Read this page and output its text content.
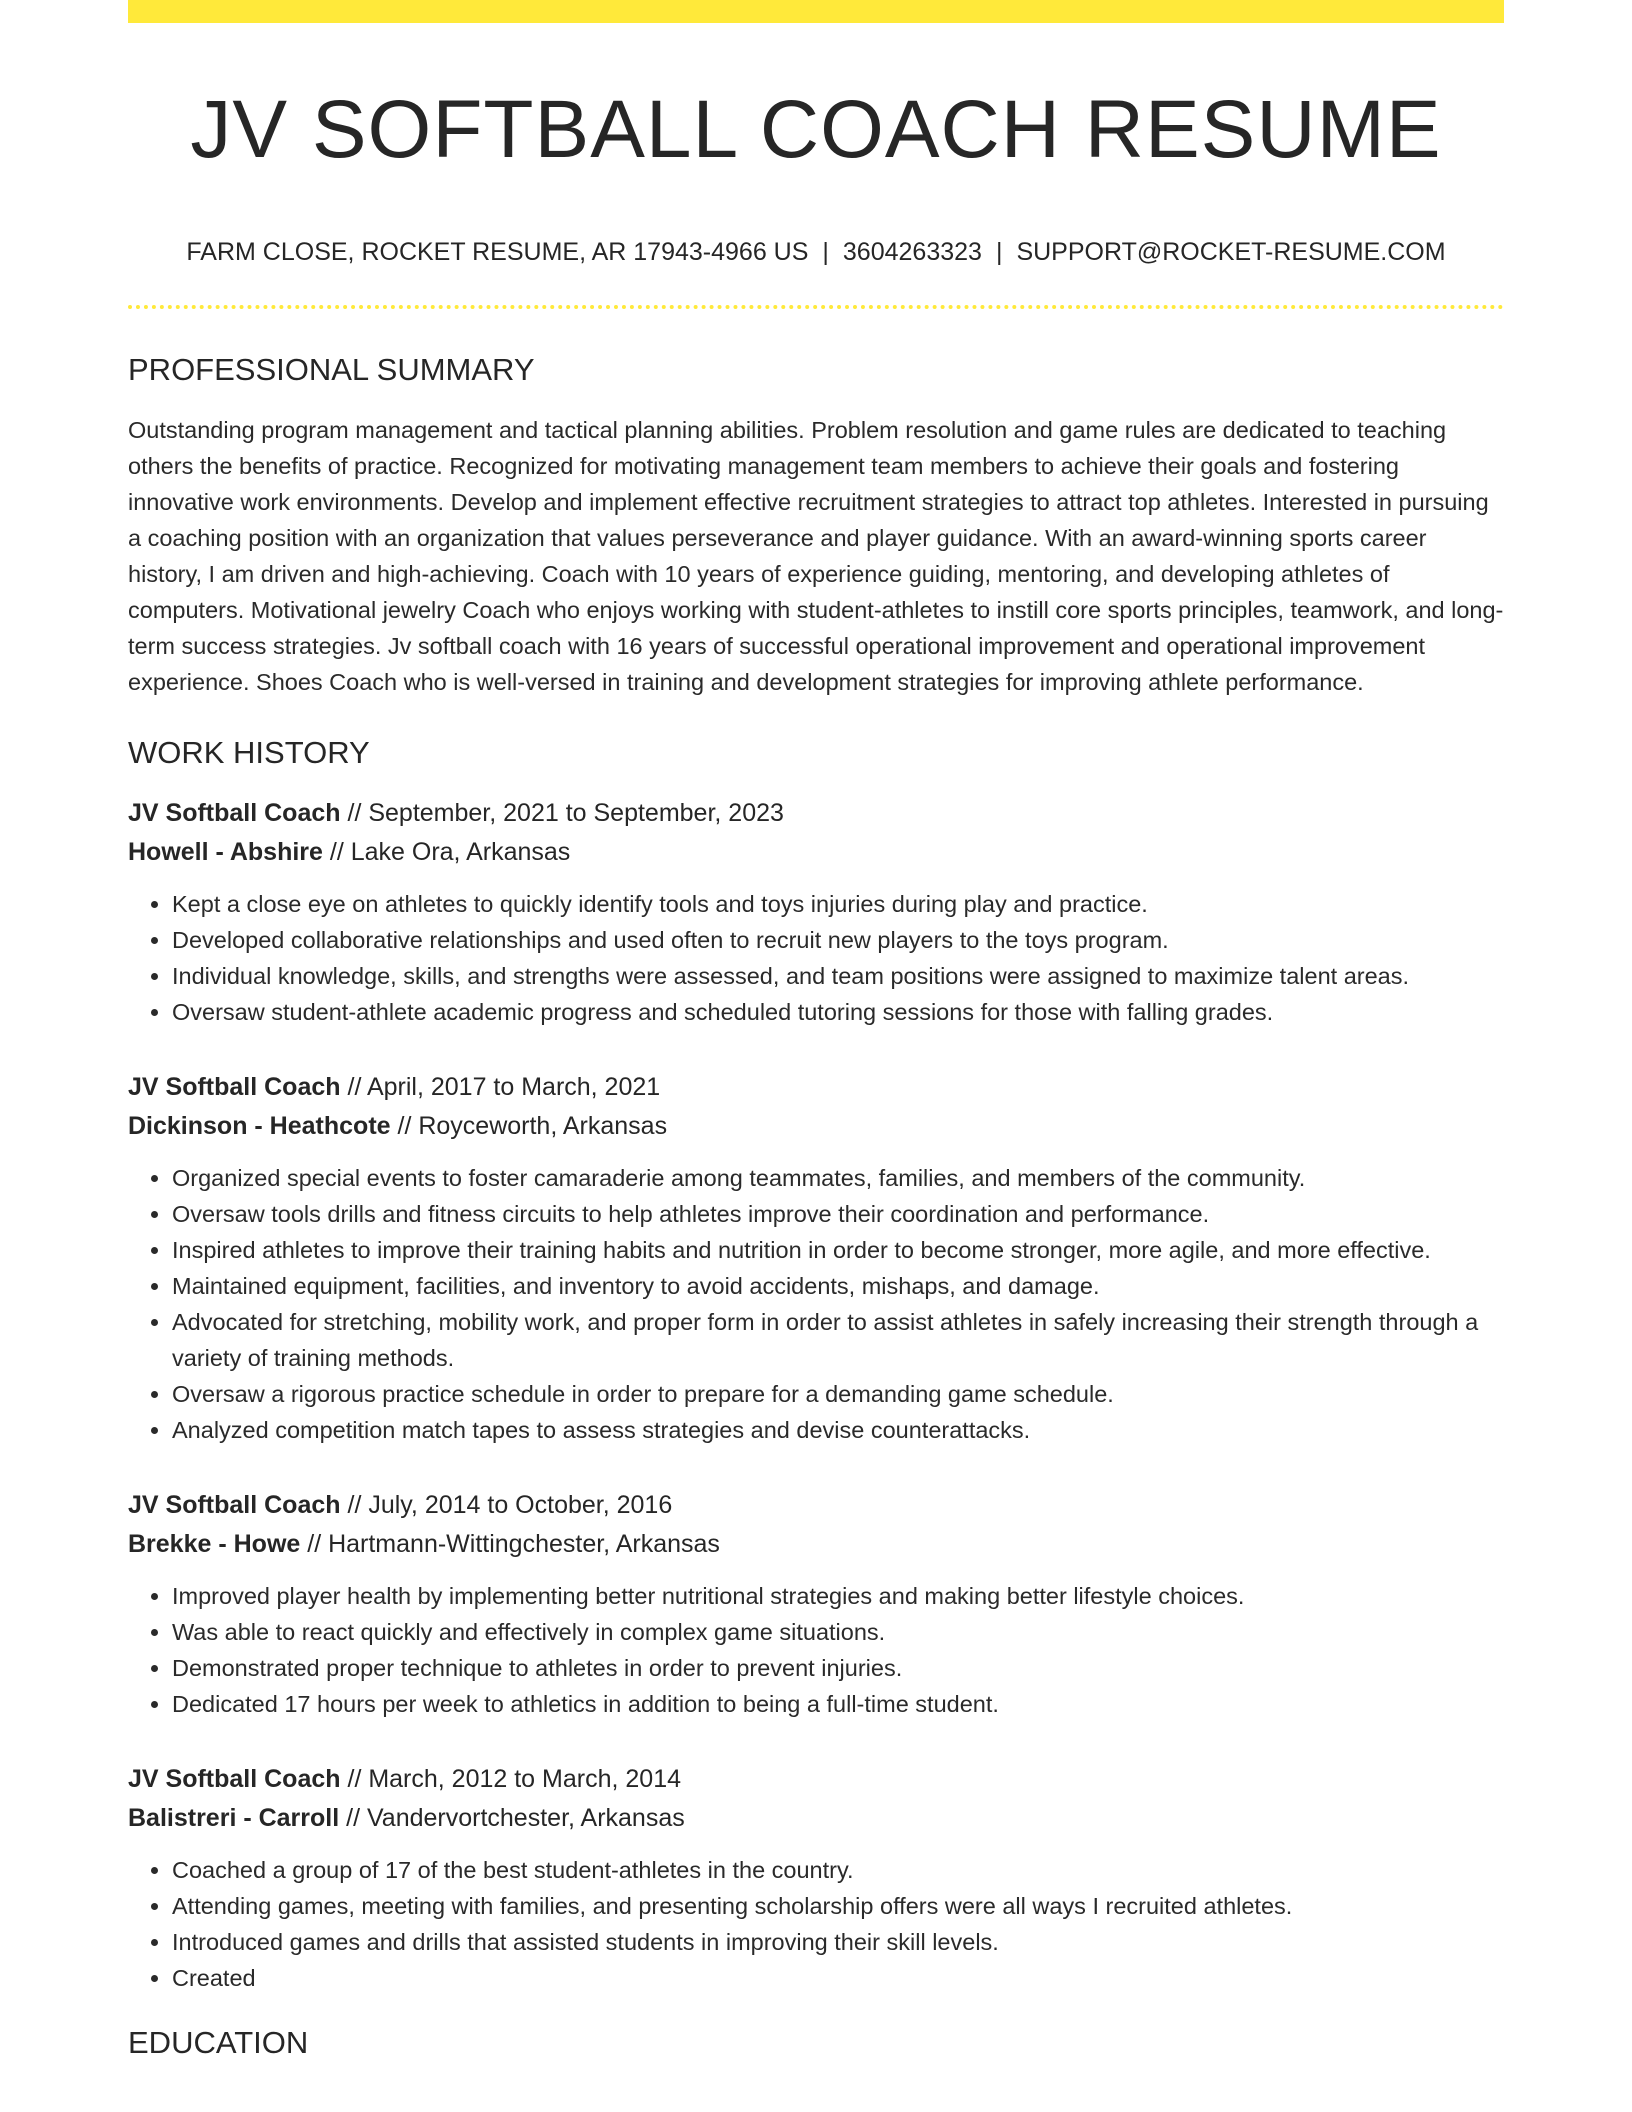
JV SOFTBALL COACH RESUME
FARM CLOSE, ROCKET RESUME, AR 17943-4966 US | 3604263323 | SUPPORT@ROCKET-RESUME.COM
PROFESSIONAL SUMMARY

Outstanding program management and tactical planning abilities. Problem resolution and game rules are dedicated to teaching others the benefits of practice. Recognized for motivating management team members to achieve their goals and fostering innovative work environments. Develop and implement effective recruitment strategies to attract top athletes. Interested in pursuing a coaching position with an organization that values perseverance and player guidance. With an award-winning sports career history, I am driven and high-achieving. Coach with 10 years of experience guiding, mentoring, and developing athletes of computers. Motivational jewelry Coach who enjoys working with student-athletes to instill core sports principles, teamwork, and long-term success strategies. Jv softball coach with 16 years of successful operational improvement and operational improvement experience. Shoes Coach who is well-versed in training and development strategies for improving athlete performance.

WORK HISTORY
JV Softball Coach // September, 2021 to September, 2023
Howell - Abshire // Lake Ora, Arkansas
• Kept a close eye on athletes to quickly identify tools and toys injuries during play and practice.
• Developed collaborative relationships and used often to recruit new players to the toys program.
• Individual knowledge, skills, and strengths were assessed, and team positions were assigned to maximize talent areas.
• Oversaw student-athlete academic progress and scheduled tutoring sessions for those with falling grades.
JV Softball Coach // April, 2017 to March, 2021
Dickinson - Heathcote // Royceworth, Arkansas
• Organized special events to foster camaraderie among teammates, families, and members of the community.
• Oversaw tools drills and fitness circuits to help athletes improve their coordination and performance.
• Inspired athletes to improve their training habits and nutrition in order to become stronger, more agile, and more effective.
• Maintained equipment, facilities, and inventory to avoid accidents, mishaps, and damage.
• Advocated for stretching, mobility work, and proper form in order to assist athletes in safely increasing their strength through a variety of training methods.
• Oversaw a rigorous practice schedule in order to prepare for a demanding game schedule.
• Analyzed competition match tapes to assess strategies and devise counterattacks.
JV Softball Coach // July, 2014 to October, 2016
Brekke - Howe // Hartmann-Wittingchester, Arkansas
• Improved player health by implementing better nutritional strategies and making better lifestyle choices.
• Was able to react quickly and effectively in complex game situations.
• Demonstrated proper technique to athletes in order to prevent injuries.
• Dedicated 17 hours per week to athletics in addition to being a full-time student.
JV Softball Coach // March, 2012 to March, 2014
Balistreri - Carroll // Vandervortchester, Arkansas
• Coached a group of 17 of the best student-athletes in the country.
• Attending games, meeting with families, and presenting scholarship offers were all ways I recruited athletes.
• Introduced games and drills that assisted students in improving their skill levels.
• Created
EDUCATION
